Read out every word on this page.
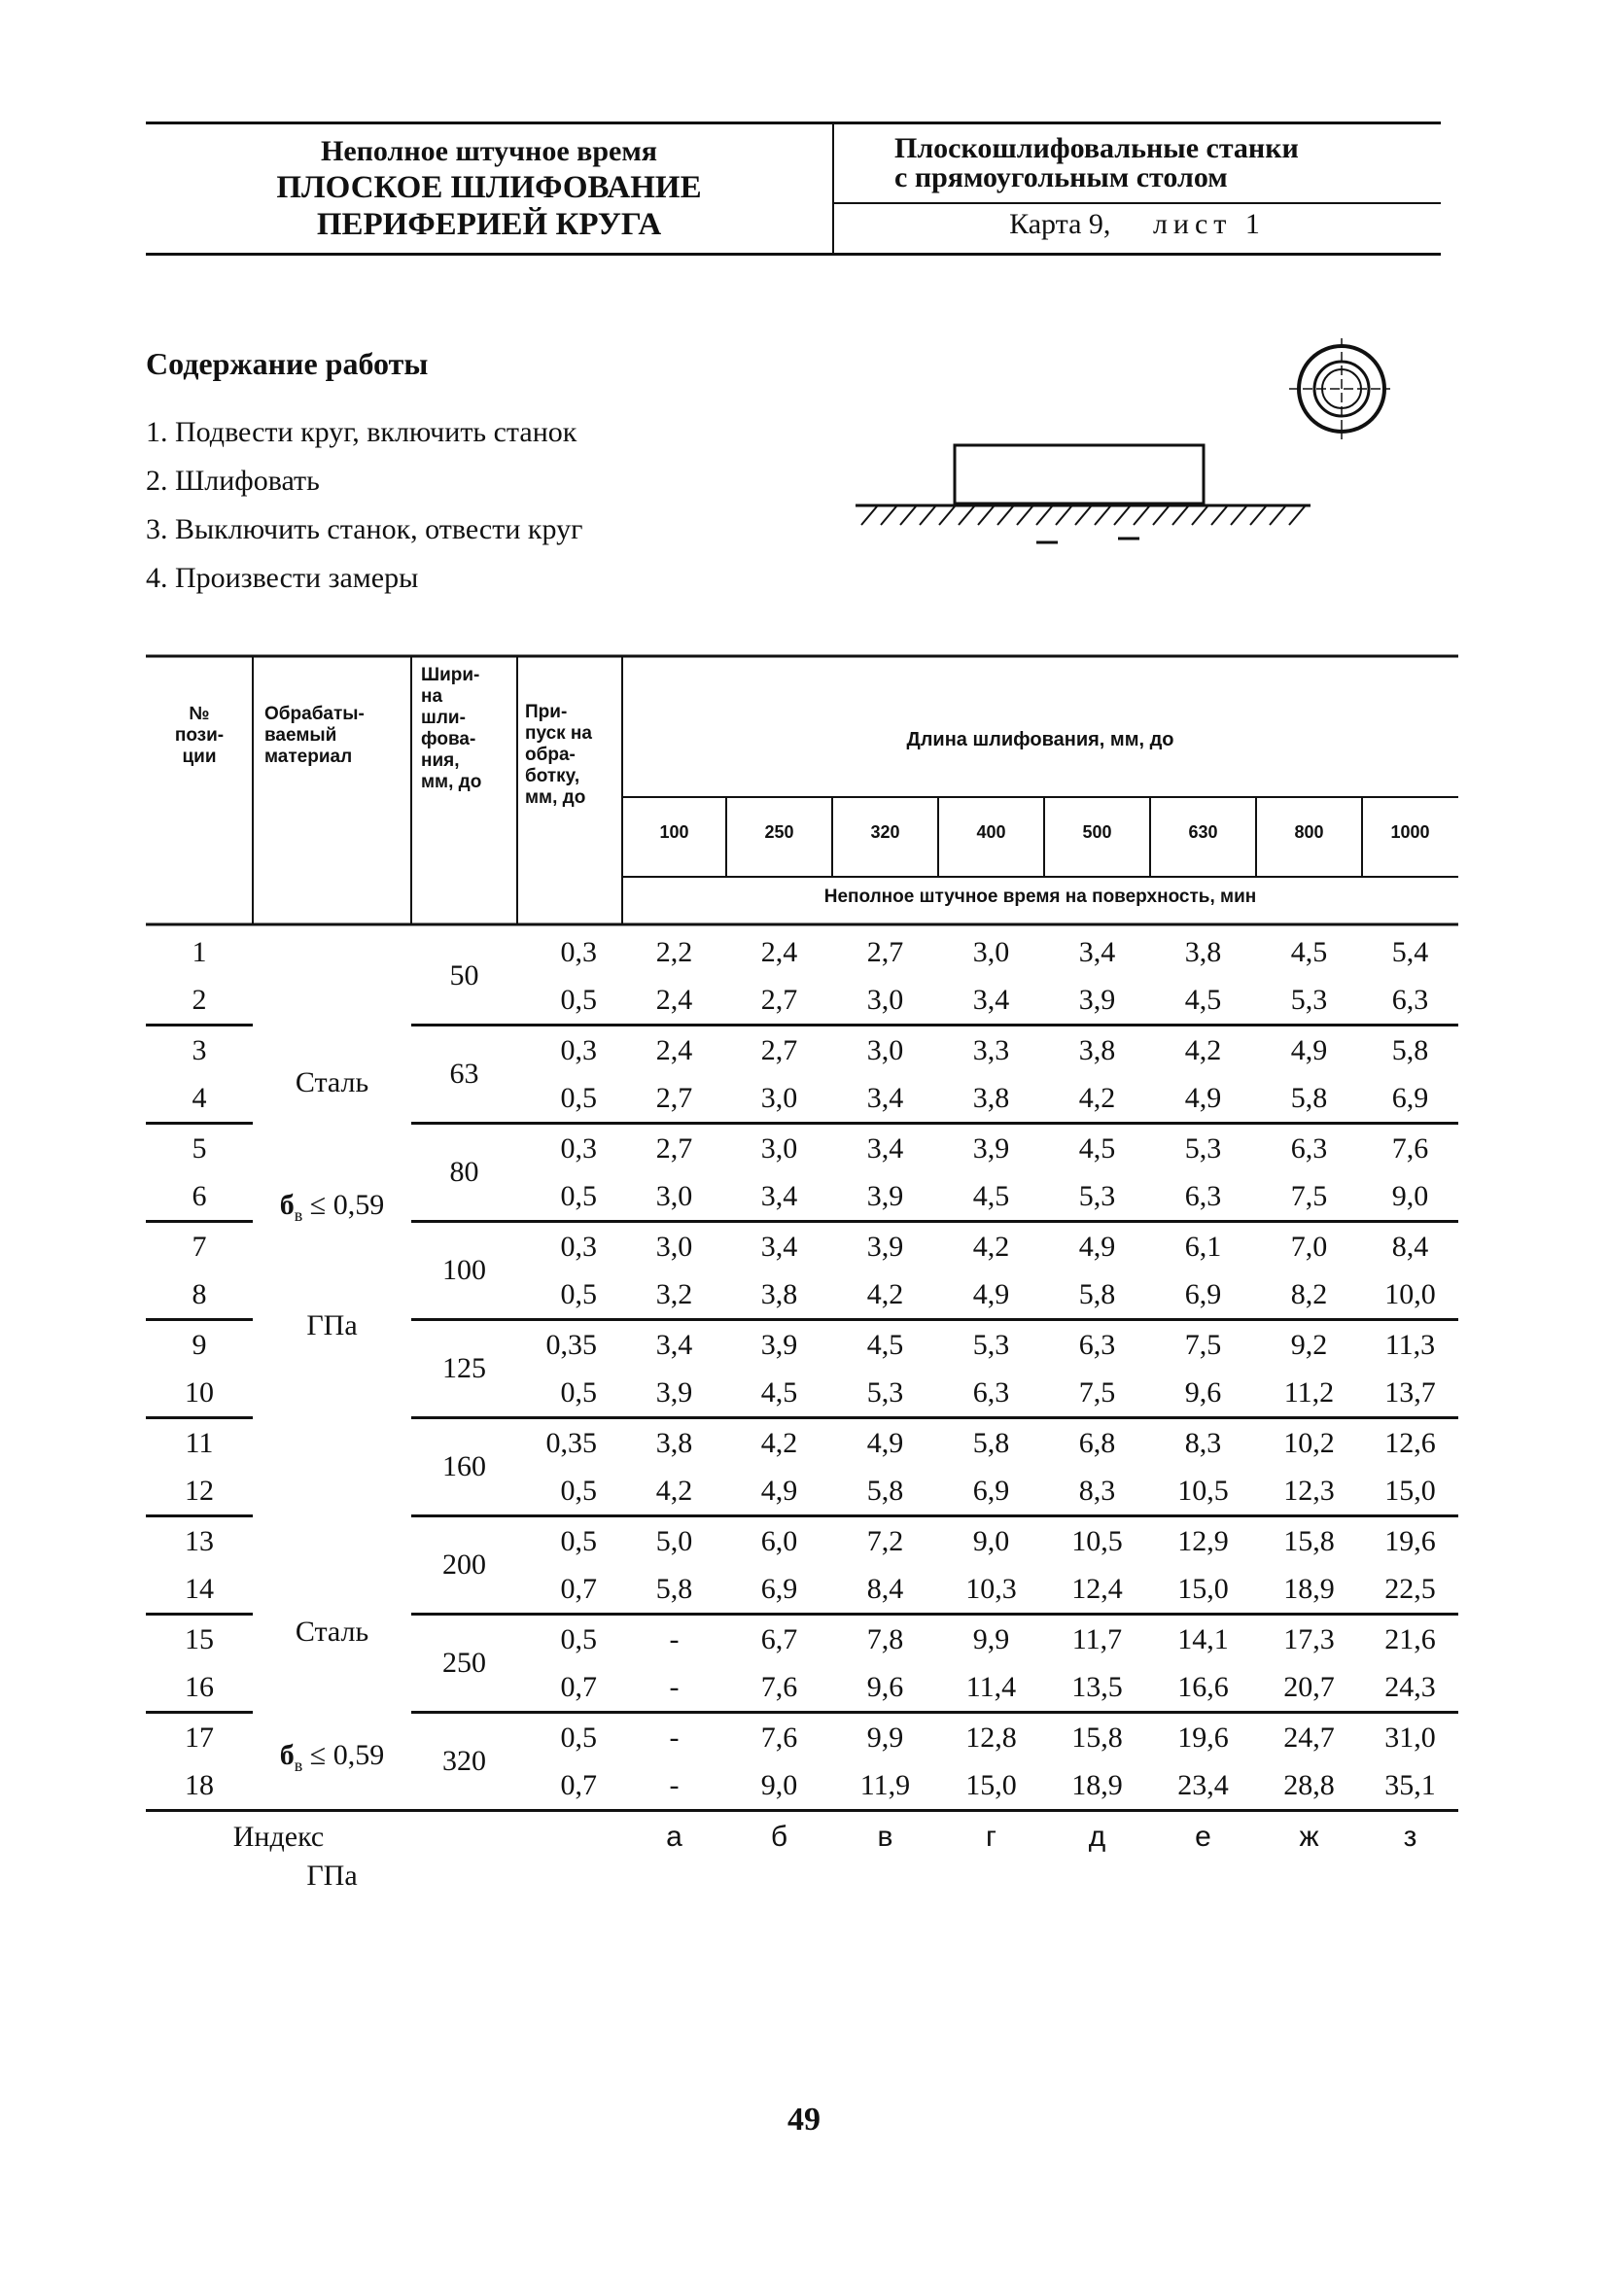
Неполное штучное время
ПЛОСКОЕ ШЛИФОВАНИЕ
ПЕРИФЕРИЕЙ КРУГА
Плоскошлифовальные станки
с прямоугольным столом
Карта 9, лист 1
Содержание работы
1. Подвести круг, включить станок
2. Шлифовать
3. Выключить станок, отвести круг
4. Произвести замеры
№
пози-
ции
Обрабаты-
ваемый
материал
Шири-
на
шли-
фова-
ния,
мм, до
При-
пуск на
обра-
ботку,
мм, до
Длина шлифования, мм, до
100	250	320	400	500	630	800	1000
Неполное штучное время на поверхность, мин
1		50	0,3	2,2	2,4	2,7	3,0	3,4	3,8	4,5	5,4
2			0,5	2,4	2,7	3,0	3,4	3,9	4,5	5,3	6,3
3		63	0,3	2,4	2,7	3,0	3,3	3,8	4,2	4,9	5,8
4			0,5	2,7	3,0	3,4	3,8	4,2	4,9	5,8	6,9
5		80	0,3	2,7	3,0	3,4	3,9	4,5	5,3	6,3	7,6
6			0,5	3,0	3,4	3,9	4,5	5,3	6,3	7,5	9,0
7		100	0,3	3,0	3,4	3,9	4,2	4,9	6,1	7,0	8,4
8			0,5	3,2	3,8	4,2	4,9	5,8	6,9	8,2	10,0
9		125	0,35	3,4	3,9	4,5	5,3	6,3	7,5	9,2	11,3
10			0,5	3,9	4,5	5,3	6,3	7,5	9,6	11,2	13,7
11		160	0,35	3,8	4,2	4,9	5,8	6,8	8,3	10,2	12,6
12			0,5	4,2	4,9	5,8	6,9	8,3	10,5	12,3	15,0
13		200	0,5	5,0	6,0	7,2	9,0	10,5	12,9	15,8	19,6
14			0,7	5,8	6,9	8,4	10,3	12,4	15,0	18,9	22,5
15		250	0,5	-	6,7	7,8	9,9	11,7	14,1	17,3	21,6
16			0,7	-	7,6	9,6	11,4	13,5	16,6	20,7	24,3
17		320	0,5	-	7,6	9,9	12,8	15,8	19,6	24,7	31,0
18			0,7	-	9,0	11,9	15,0	18,9	23,4	28,8	35,1
Индекс				а	б	в	г	д	е	ж	з
Сталь
$б_в \le 0,59$
ГПа
Сталь
$б_в \le 0,59$
ГПа
49
